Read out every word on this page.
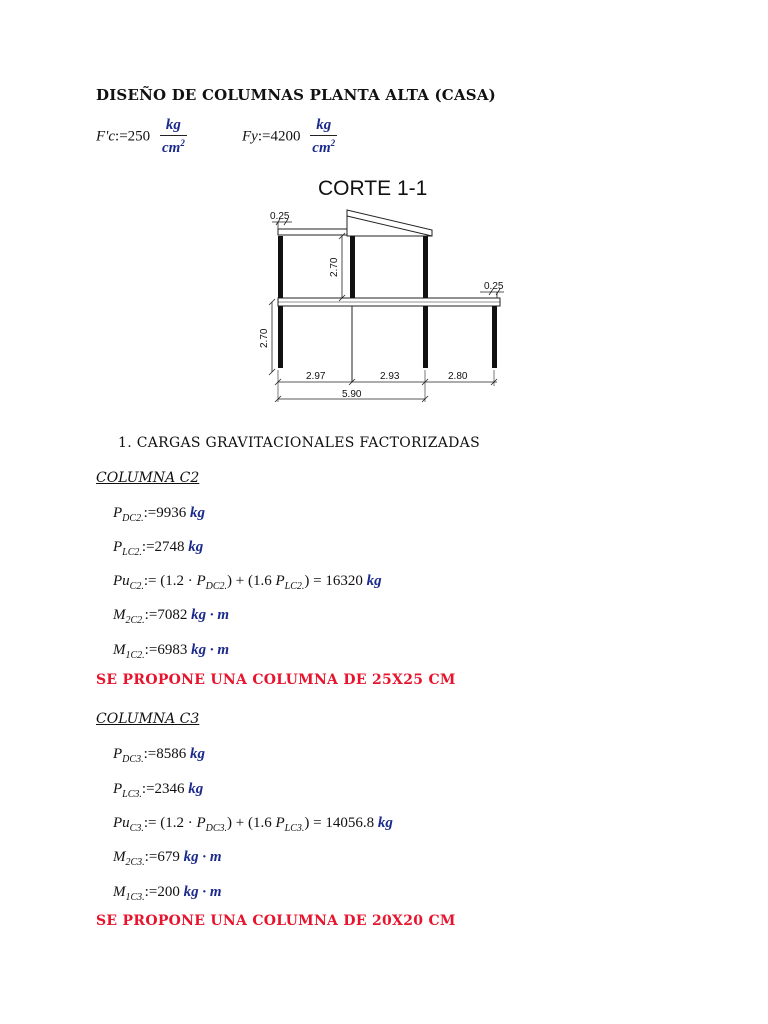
DISEÑO DE COLUMNAS PLANTA ALTA (CASA)
F'c:=250 $\frac{kg}{cm^2}$	Fy:=4200 $\frac{kg}{cm^2}$
CORTE 1-1
0.25
2.70
2.70
0.25
2.97	2.93	2.80
5.90
1. CARGAS GRAVITACIONALES FACTORIZADAS
COLUMNA C2
$P_{DC2.}:=9936$ kg
$P_{LC2.}:=2748$ kg
$Pu_{C2.}:= (1.2 \cdot P_{DC2.}) + (1.6$ $P_{LC2.}) = 16320$ kg
$M_{2C2.}:=7082$ kg · m
$M_{1C2.}:=6983$ kg · m
SE PROPONE UNA COLUMNA DE 25X25 CM
COLUMNA C3
$P_{DC3.}:=8586$ kg
$P_{LC3.}:=2346$ kg
$Pu_{C3.}:= (1.2 \cdot P_{DC3.}) + (1.6$ $P_{LC3.}) = 14056.8$ kg
$M_{2C3.}:=679$ kg · m
$M_{1C3.}:=200$ kg · m
SE PROPONE UNA COLUMNA DE 20X20 CM
